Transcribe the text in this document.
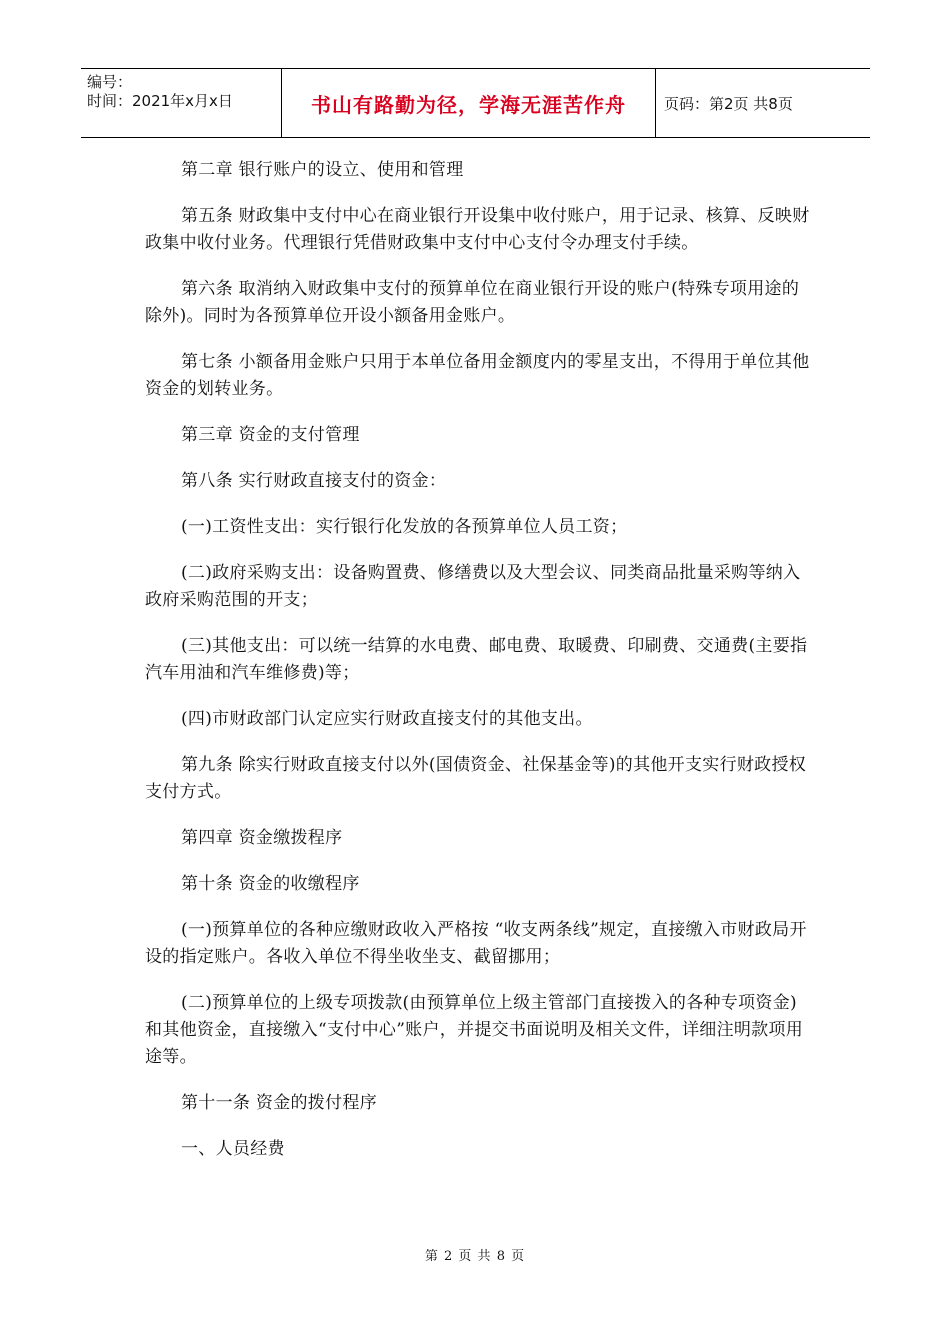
编号：
时间：2021年x月x日	书山有路勤为径，学海无涯苦作舟	页码：第2页 共8页

第二章 银行账户的设立、使用和管理

第五条 财政集中支付中心在商业银行开设集中收付账户，用于记录、核算、反映财政集中收付业务。代理银行凭借财政集中支付中心支付令办理支付手续。

第六条 取消纳入财政集中支付的预算单位在商业银行开设的账户(特殊专项用途的除外)。同时为各预算单位开设小额备用金账户。

第七条 小额备用金账户只用于本单位备用金额度内的零星支出，不得用于单位其他资金的划转业务。

第三章 资金的支付管理

第八条 实行财政直接支付的资金：

(一)工资性支出：实行银行化发放的各预算单位人员工资；

(二)政府采购支出：设备购置费、修缮费以及大型会议、同类商品批量采购等纳入政府采购范围的开支；

(三)其他支出：可以统一结算的水电费、邮电费、取暖费、印刷费、交通费(主要指汽车用油和汽车维修费)等；

(四)市财政部门认定应实行财政直接支付的其他支出。

第九条 除实行财政直接支付以外(国债资金、社保基金等)的其他开支实行财政授权支付方式。

第四章 资金缴拨程序

第十条 资金的收缴程序

(一)预算单位的各种应缴财政收入严格按 “收支两条线”规定，直接缴入市财政局开设的指定账户。各收入单位不得坐收坐支、截留挪用；

(二)预算单位的上级专项拨款(由预算单位上级主管部门直接拨入的各种专项资金)和其他资金，直接缴入“支付中心”账户，并提交书面说明及相关文件，详细注明款项用途等。

第十一条 资金的拨付程序

一、人员经费

第 2 页 共 8 页
